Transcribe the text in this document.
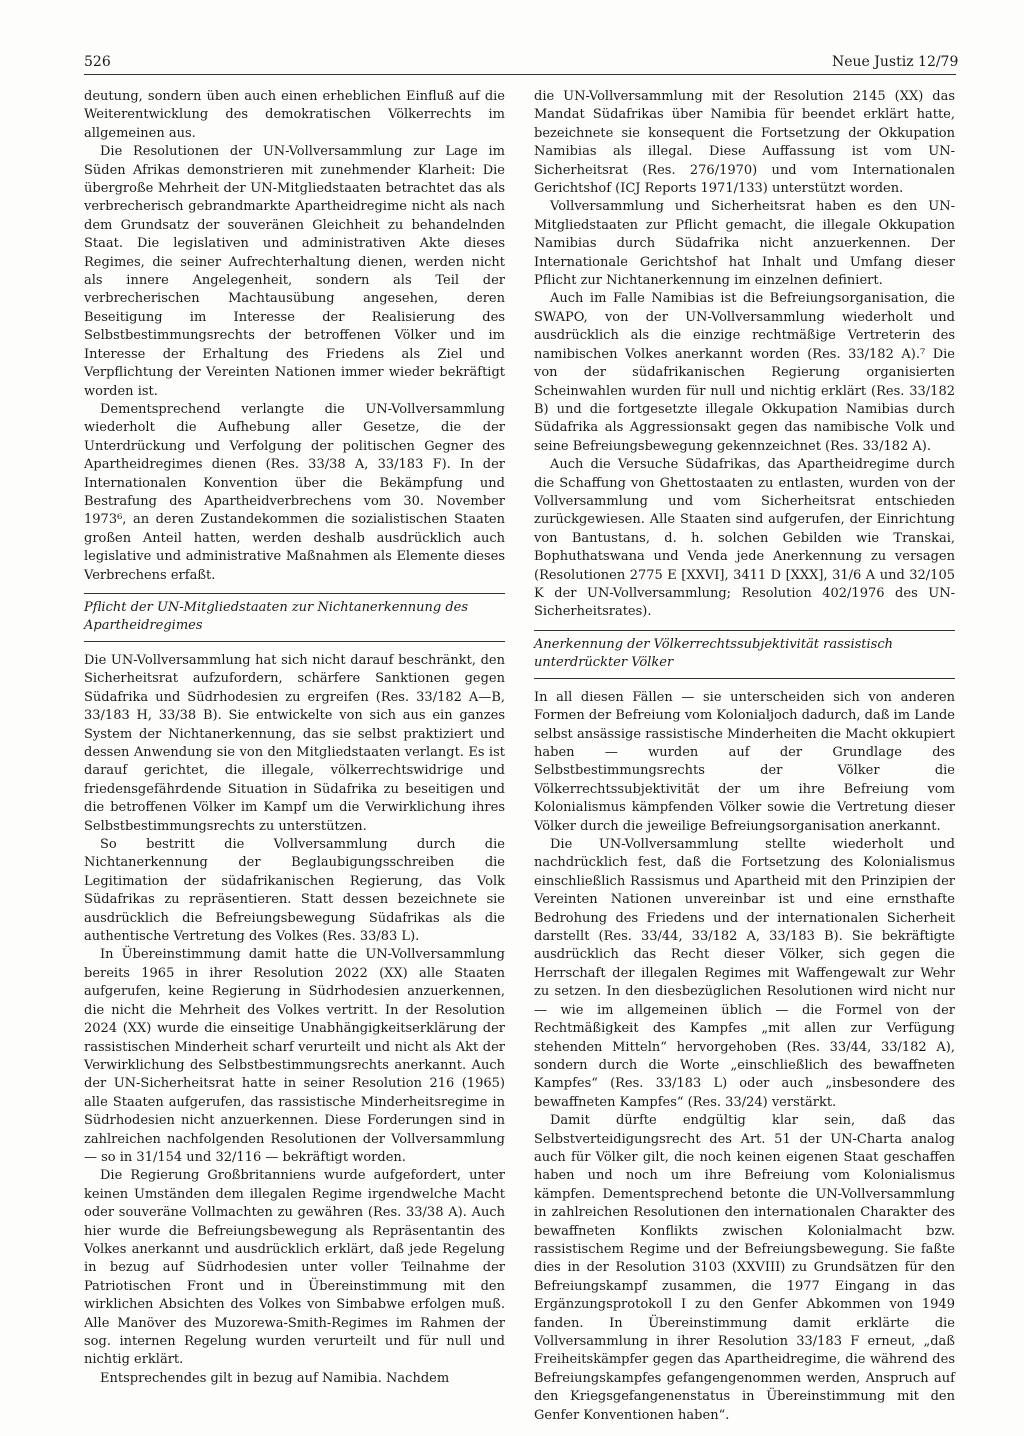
526	Neue Justiz 12/79

deutung, sondern üben auch einen erheblichen Einfluß auf die Weiterentwicklung des demokratischen Völkerrechts im allgemeinen aus.

Die Resolutionen der UN-Vollversammlung zur Lage im Süden Afrikas demonstrieren mit zunehmender Klarheit: Die übergroße Mehrheit der UN-Mitgliedstaaten betrachtet das als verbrecherisch gebrandmarkte Apartheidregime nicht als nach dem Grundsatz der souveränen Gleichheit zu behandelnden Staat. Die legislativen und administrativen Akte dieses Regimes, die seiner Aufrechterhaltung dienen, werden nicht als innere Angelegenheit, sondern als Teil der verbrecherischen Machtausübung angesehen, deren Beseitigung im Interesse der Realisierung des Selbstbestimmungsrechts der betroffenen Völker und im Interesse der Erhaltung des Friedens als Ziel und Verpflichtung der Vereinten Nationen immer wieder bekräftigt worden ist.

Dementsprechend verlangte die UN-Vollversammlung wiederholt die Aufhebung aller Gesetze, die der Unterdrückung und Verfolgung der politischen Gegner des Apartheidregimes dienen (Res. 33/38 A, 33/183 F). In der Internationalen Konvention über die Bekämpfung und Bestrafung des Apartheidverbrechens vom 30. November 1973⁶, an deren Zustandekommen die sozialistischen Staaten großen Anteil hatten, werden deshalb ausdrücklich auch legislative und administrative Maßnahmen als Elemente dieses Verbrechens erfaßt.

Pflicht der UN-Mitgliedstaaten zur Nichtanerkennung des Apartheidregimes

Die UN-Vollversammlung hat sich nicht darauf beschränkt, den Sicherheitsrat aufzufordern, schärfere Sanktionen gegen Südafrika und Südrhodesien zu ergreifen (Res. 33/182 A—B, 33/183 H, 33/38 B). Sie entwickelte von sich aus ein ganzes System der Nichtanerkennung, das sie selbst praktiziert und dessen Anwendung sie von den Mitgliedstaaten verlangt. Es ist darauf gerichtet, die illegale, völkerrechtswidrige und friedensgefährdende Situation in Südafrika zu beseitigen und die betroffenen Völker im Kampf um die Verwirklichung ihres Selbstbestimmungsrechts zu unterstützen.

So bestritt die Vollversammlung durch die Nichtanerkennung der Beglaubigungsschreiben die Legitimation der südafrikanischen Regierung, das Volk Südafrikas zu repräsentieren. Statt dessen bezeichnete sie ausdrücklich die Befreiungsbewegung Südafrikas als die authentische Vertretung des Volkes (Res. 33/83 L).

In Übereinstimmung damit hatte die UN-Vollversammlung bereits 1965 in ihrer Resolution 2022 (XX) alle Staaten aufgerufen, keine Regierung in Südrhodesien anzuerkennen, die nicht die Mehrheit des Volkes vertritt. In der Resolution 2024 (XX) wurde die einseitige Unabhängigkeitserklärung der rassistischen Minderheit scharf verurteilt und nicht als Akt der Verwirklichung des Selbstbestimmungsrechts anerkannt. Auch der UN-Sicherheitsrat hatte in seiner Resolution 216 (1965) alle Staaten aufgerufen, das rassistische Minderheitsregime in Südrhodesien nicht anzuerkennen. Diese Forderungen sind in zahlreichen nachfolgenden Resolutionen der Vollversammlung — so in 31/154 und 32/116 — bekräftigt worden.

Die Regierung Großbritanniens wurde aufgefordert, unter keinen Umständen dem illegalen Regime irgendwelche Macht oder souveräne Vollmachten zu gewähren (Res. 33/38 A). Auch hier wurde die Befreiungsbewegung als Repräsentantin des Volkes anerkannt und ausdrücklich erklärt, daß jede Regelung in bezug auf Südrhodesien unter voller Teilnahme der Patriotischen Front und in Übereinstimmung mit den wirklichen Absichten des Volkes von Simbabwe erfolgen muß. Alle Manöver des Muzorewa-Smith-Regimes im Rahmen der sog. internen Regelung wurden verurteilt und für null und nichtig erklärt.

Entsprechendes gilt in bezug auf Namibia. Nachdem

die UN-Vollversammlung mit der Resolution 2145 (XX) das Mandat Südafrikas über Namibia für beendet erklärt hatte, bezeichnete sie konsequent die Fortsetzung der Okkupation Namibias als illegal. Diese Auffassung ist vom UN-Sicherheitsrat (Res. 276/1970) und vom Internationalen Gerichtshof (ICJ Reports 1971/133) unterstützt worden.

Vollversammlung und Sicherheitsrat haben es den UN-Mitgliedstaaten zur Pflicht gemacht, die illegale Okkupation Namibias durch Südafrika nicht anzuerkennen. Der Internationale Gerichtshof hat Inhalt und Umfang dieser Pflicht zur Nichtanerkennung im einzelnen definiert.

Auch im Falle Namibias ist die Befreiungsorganisation, die SWAPO, von der UN-Vollversammlung wiederholt und ausdrücklich als die einzige rechtmäßige Vertreterin des namibischen Volkes anerkannt worden (Res. 33/182 A).⁷ Die von der südafrikanischen Regierung organisierten Scheinwahlen wurden für null und nichtig erklärt (Res. 33/182 B) und die fortgesetzte illegale Okkupation Namibias durch Südafrika als Aggressionsakt gegen das namibische Volk und seine Befreiungsbewegung gekennzeichnet (Res. 33/182 A).

Auch die Versuche Südafrikas, das Apartheidregime durch die Schaffung von Ghettostaaten zu entlasten, wurden von der Vollversammlung und vom Sicherheitsrat entschieden zurückgewiesen. Alle Staaten sind aufgerufen, der Einrichtung von Bantustans, d. h. solchen Gebilden wie Transkai, Bophuthatswana und Venda jede Anerkennung zu versagen (Resolutionen 2775 E [XXVI], 3411 D [XXX], 31/6 A und 32/105 K der UN-Vollversammlung; Resolution 402/1976 des UN-Sicherheitsrates).

Anerkennung der Völkerrechtssubjektivität rassistisch unterdrückter Völker

In all diesen Fällen — sie unterscheiden sich von anderen Formen der Befreiung vom Kolonialjoch dadurch, daß im Lande selbst ansässige rassistische Minderheiten die Macht okkupiert haben — wurden auf der Grundlage des Selbstbestimmungsrechts der Völker die Völkerrechtssubjektivität der um ihre Befreiung vom Kolonialismus kämpfenden Völker sowie die Vertretung dieser Völker durch die jeweilige Befreiungsorganisation anerkannt.

Die UN-Vollversammlung stellte wiederholt und nachdrücklich fest, daß die Fortsetzung des Kolonialismus einschließlich Rassismus und Apartheid mit den Prinzipien der Vereinten Nationen unvereinbar ist und eine ernsthafte Bedrohung des Friedens und der internationalen Sicherheit darstellt (Res. 33/44, 33/182 A, 33/183 B). Sie bekräftigte ausdrücklich das Recht dieser Völker, sich gegen die Herrschaft der illegalen Regimes mit Waffengewalt zur Wehr zu setzen. In den diesbezüglichen Resolutionen wird nicht nur — wie im allgemeinen üblich — die Formel von der Rechtmäßigkeit des Kampfes „mit allen zur Verfügung stehenden Mitteln“ hervorgehoben (Res. 33/44, 33/182 A), sondern durch die Worte „einschließlich des bewaffneten Kampfes“ (Res. 33/183 L) oder auch „insbesondere des bewaffneten Kampfes“ (Res. 33/24) verstärkt.

Damit dürfte endgültig klar sein, daß das Selbstverteidigungsrecht des Art. 51 der UN-Charta analog auch für Völker gilt, die noch keinen eigenen Staat geschaffen haben und noch um ihre Befreiung vom Kolonialismus kämpfen. Dementsprechend betonte die UN-Vollversammlung in zahlreichen Resolutionen den internationalen Charakter des bewaffneten Konflikts zwischen Kolonialmacht bzw. rassistischem Regime und der Befreiungsbewegung. Sie faßte dies in der Resolution 3103 (XXVIII) zu Grundsätzen für den Befreiungskampf zusammen, die 1977 Eingang in das Ergänzungsprotokoll I zu den Genfer Abkommen von 1949 fanden. In Übereinstimmung damit erklärte die Vollversammlung in ihrer Resolution 33/183 F erneut, „daß Freiheitskämpfer gegen das Apartheidregime, die während des Befreiungskampfes gefangengenommen werden, Anspruch auf den Kriegsgefangenenstatus in Übereinstimmung mit den Genfer Konventionen haben“.
